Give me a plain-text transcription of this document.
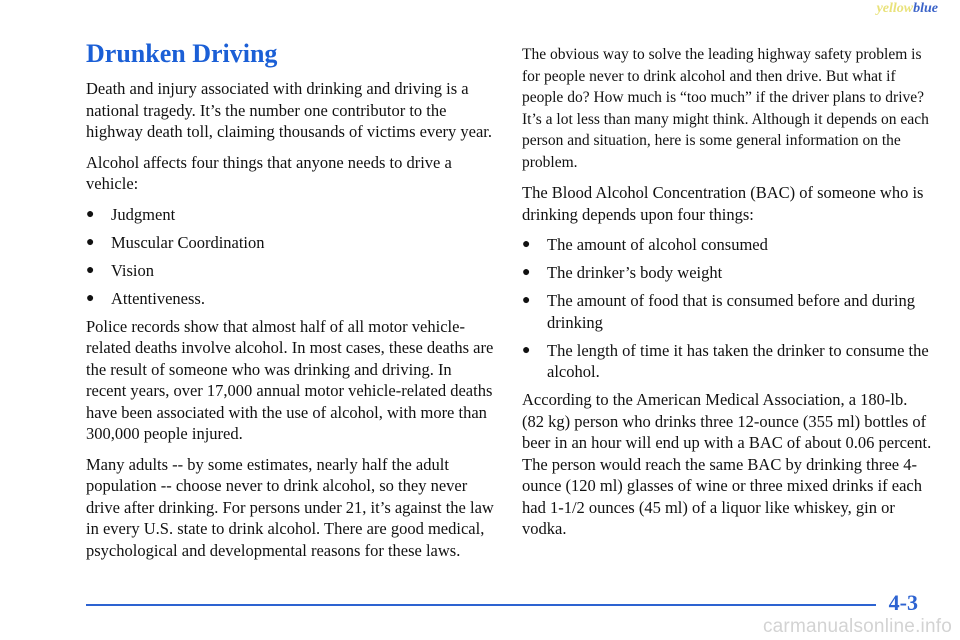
yellowblue
Drunken Driving

Death and injury associated with drinking and driving is a national tragedy. It’s the number one contributor to the highway death toll, claiming thousands of victims every year.

Alcohol affects four things that anyone needs to drive a vehicle:

● Judgment
● Muscular Coordination
● Vision
● Attentiveness.

Police records show that almost half of all motor vehicle-related deaths involve alcohol. In most cases, these deaths are the result of someone who was drinking and driving. In recent years, over 17,000 annual motor vehicle-related deaths have been associated with the use of alcohol, with more than 300,000 people injured.

Many adults -- by some estimates, nearly half the adult population -- choose never to drink alcohol, so they never drive after drinking. For persons under 21, it’s against the law in every U.S. state to drink alcohol. There are good medical, psychological and developmental reasons for these laws.

The obvious way to solve the leading highway safety problem is for people never to drink alcohol and then drive. But what if people do? How much is “too much” if the driver plans to drive? It’s a lot less than many might think. Although it depends on each person and situation, here is some general information on the problem.

The Blood Alcohol Concentration (BAC) of someone who is drinking depends upon four things:

● The amount of alcohol consumed
● The drinker’s body weight
● The amount of food that is consumed before and during drinking
● The length of time it has taken the drinker to consume the alcohol.

According to the American Medical Association, a 180-lb. (82 kg) person who drinks three 12-ounce (355 ml) bottles of beer in an hour will end up with a BAC of about 0.06 percent. The person would reach the same BAC by drinking three 4-ounce (120 ml) glasses of wine or three mixed drinks if each had 1-1/2 ounces (45 ml) of a liquor like whiskey, gin or vodka.

4-3
carmanualsonline.info
